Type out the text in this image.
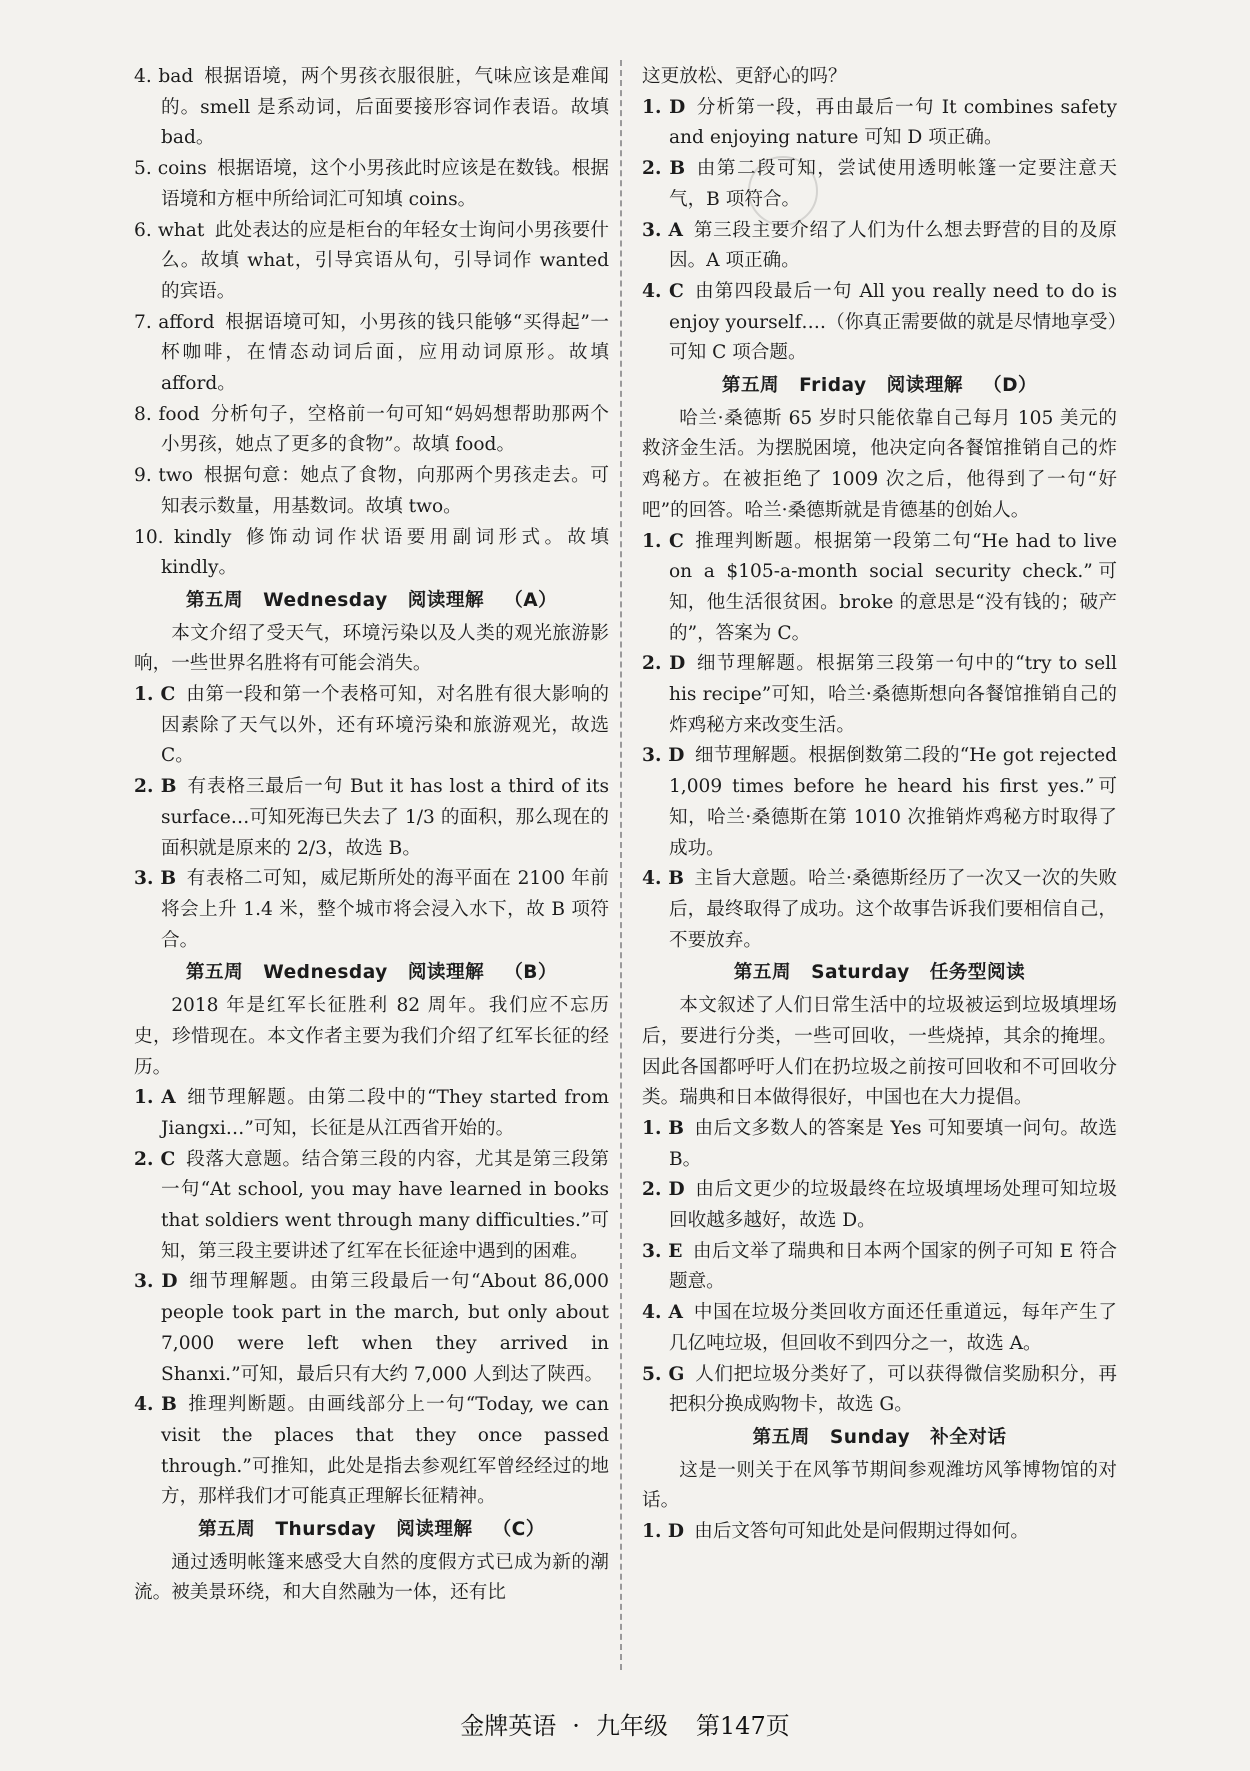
4. bad 根据语境，两个男孩衣服很脏，气味应该是难闻的。smell 是系动词，后面要接形容词作表语。故填 bad。

5. coins 根据语境，这个小男孩此时应该是在数钱。根据语境和方框中所给词汇可知填 coins。

6. what 此处表达的应是柜台的年轻女士询问小男孩要什么。故填 what，引导宾语从句，引导词作 wanted 的宾语。

7. afford 根据语境可知，小男孩的钱只能够“买得起”一杯咖啡，在情态动词后面，应用动词原形。故填 afford。

8. food 分析句子，空格前一句可知“妈妈想帮助那两个小男孩，她点了更多的食物”。故填 food。

9. two 根据句意：她点了食物，向那两个男孩走去。可知表示数量，用基数词。故填 two。

10. kindly 修饰动词作状语要用副词形式。故填 kindly。

第五周 Wednesday 阅读理解 （A）

本文介绍了受天气，环境污染以及人类的观光旅游影响，一些世界名胜将有可能会消失。

1. C 由第一段和第一个表格可知，对名胜有很大影响的因素除了天气以外，还有环境污染和旅游观光，故选 C。

2. B 有表格三最后一句 But it has lost a third of its surface…可知死海已失去了 1/3 的面积，那么现在的面积就是原来的 2/3，故选 B。

3. B 有表格二可知，威尼斯所处的海平面在 2100 年前将会上升 1.4 米，整个城市将会浸入水下，故 B 项符合。

第五周 Wednesday 阅读理解 （B）

2018 年是红军长征胜利 82 周年。我们应不忘历史，珍惜现在。本文作者主要为我们介绍了红军长征的经历。

1. A 细节理解题。由第二段中的“They started from Jiangxi…”可知，长征是从江西省开始的。

2. C 段落大意题。结合第三段的内容，尤其是第三段第一句“At school, you may have learned in books that soldiers went through many difficulties.”可知，第三段主要讲述了红军在长征途中遇到的困难。

3. D 细节理解题。由第三段最后一句“About 86,000 people took part in the march, but only about 7,000 were left when they arrived in Shanxi.”可知，最后只有大约 7,000 人到达了陕西。

4. B 推理判断题。由画线部分上一句“Today, we can visit the places that they once passed through.”可推知，此处是指去参观红军曾经经过的地方，那样我们才可能真正理解长征精神。

第五周 Thursday 阅读理解 （C）

通过透明帐篷来感受大自然的度假方式已成为新的潮流。被美景环绕，和大自然融为一体，还有比

这更放松、更舒心的吗？

1. D 分析第一段，再由最后一句 It combines safety and enjoying nature 可知 D 项正确。

2. B 由第二段可知，尝试使用透明帐篷一定要注意天气，B 项符合。

3. A 第三段主要介绍了人们为什么想去野营的目的及原因。A 项正确。

4. C 由第四段最后一句 All you really need to do is enjoy yourself….（你真正需要做的就是尽情地享受）可知 C 项合题。

第五周 Friday 阅读理解 （D）

哈兰·桑德斯 65 岁时只能依靠自己每月 105 美元的救济金生活。为摆脱困境，他决定向各餐馆推销自己的炸鸡秘方。在被拒绝了 1009 次之后，他得到了一句“好吧”的回答。哈兰·桑德斯就是肯德基的创始人。

1. C 推理判断题。根据第一段第二句“He had to live on a $105-a-month social security check.”可知，他生活很贫困。broke 的意思是“没有钱的；破产的”，答案为 C。

2. D 细节理解题。根据第三段第一句中的“try to sell his recipe”可知，哈兰·桑德斯想向各餐馆推销自己的炸鸡秘方来改变生活。

3. D 细节理解题。根据倒数第二段的“He got rejected 1,009 times before he heard his first yes.”可知，哈兰·桑德斯在第 1010 次推销炸鸡秘方时取得了成功。

4. B 主旨大意题。哈兰·桑德斯经历了一次又一次的失败后，最终取得了成功。这个故事告诉我们要相信自己，不要放弃。

第五周 Saturday 任务型阅读

本文叙述了人们日常生活中的垃圾被运到垃圾填埋场后，要进行分类，一些可回收，一些烧掉，其余的掩埋。因此各国都呼吁人们在扔垃圾之前按可回收和不可回收分类。瑞典和日本做得很好，中国也在大力提倡。

1. B 由后文多数人的答案是 Yes 可知要填一问句。故选 B。

2. D 由后文更少的垃圾最终在垃圾填埋场处理可知垃圾回收越多越好，故选 D。

3. E 由后文举了瑞典和日本两个国家的例子可知 E 符合题意。

4. A 中国在垃圾分类回收方面还任重道远，每年产生了几亿吨垃圾，但回收不到四分之一，故选 A。

5. G 人们把垃圾分类好了，可以获得微信奖励积分，再把积分换成购物卡，故选 G。

第五周 Sunday 补全对话

这是一则关于在风筝节期间参观潍坊风筝博物馆的对话。

1. D 由后文答句可知此处是问假期过得如何。

金牌英语 · 九年级 第147页
